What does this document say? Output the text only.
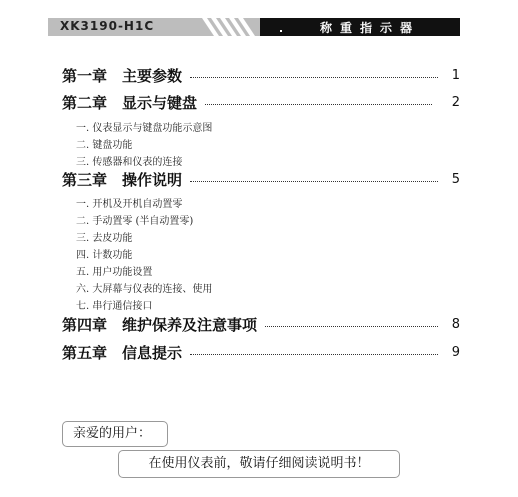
XK3190-H1C	称重指示器
第一章 主要参数	1
第二章 显示与键盘	2
一. 仪表显示与键盘功能示意图
二. 键盘功能
三. 传感器和仪表的连接
第三章 操作说明	5
一. 开机及开机自动置零
二. 手动置零 (半自动置零)
三. 去皮功能
四. 计数功能
五. 用户功能设置
六. 大屏幕与仪表的连接、使用
七. 串行通信接口
第四章 维护保养及注意事项	8
第五章 信息提示	9
亲爱的用户：
在使用仪表前，敬请仔细阅读说明书！
